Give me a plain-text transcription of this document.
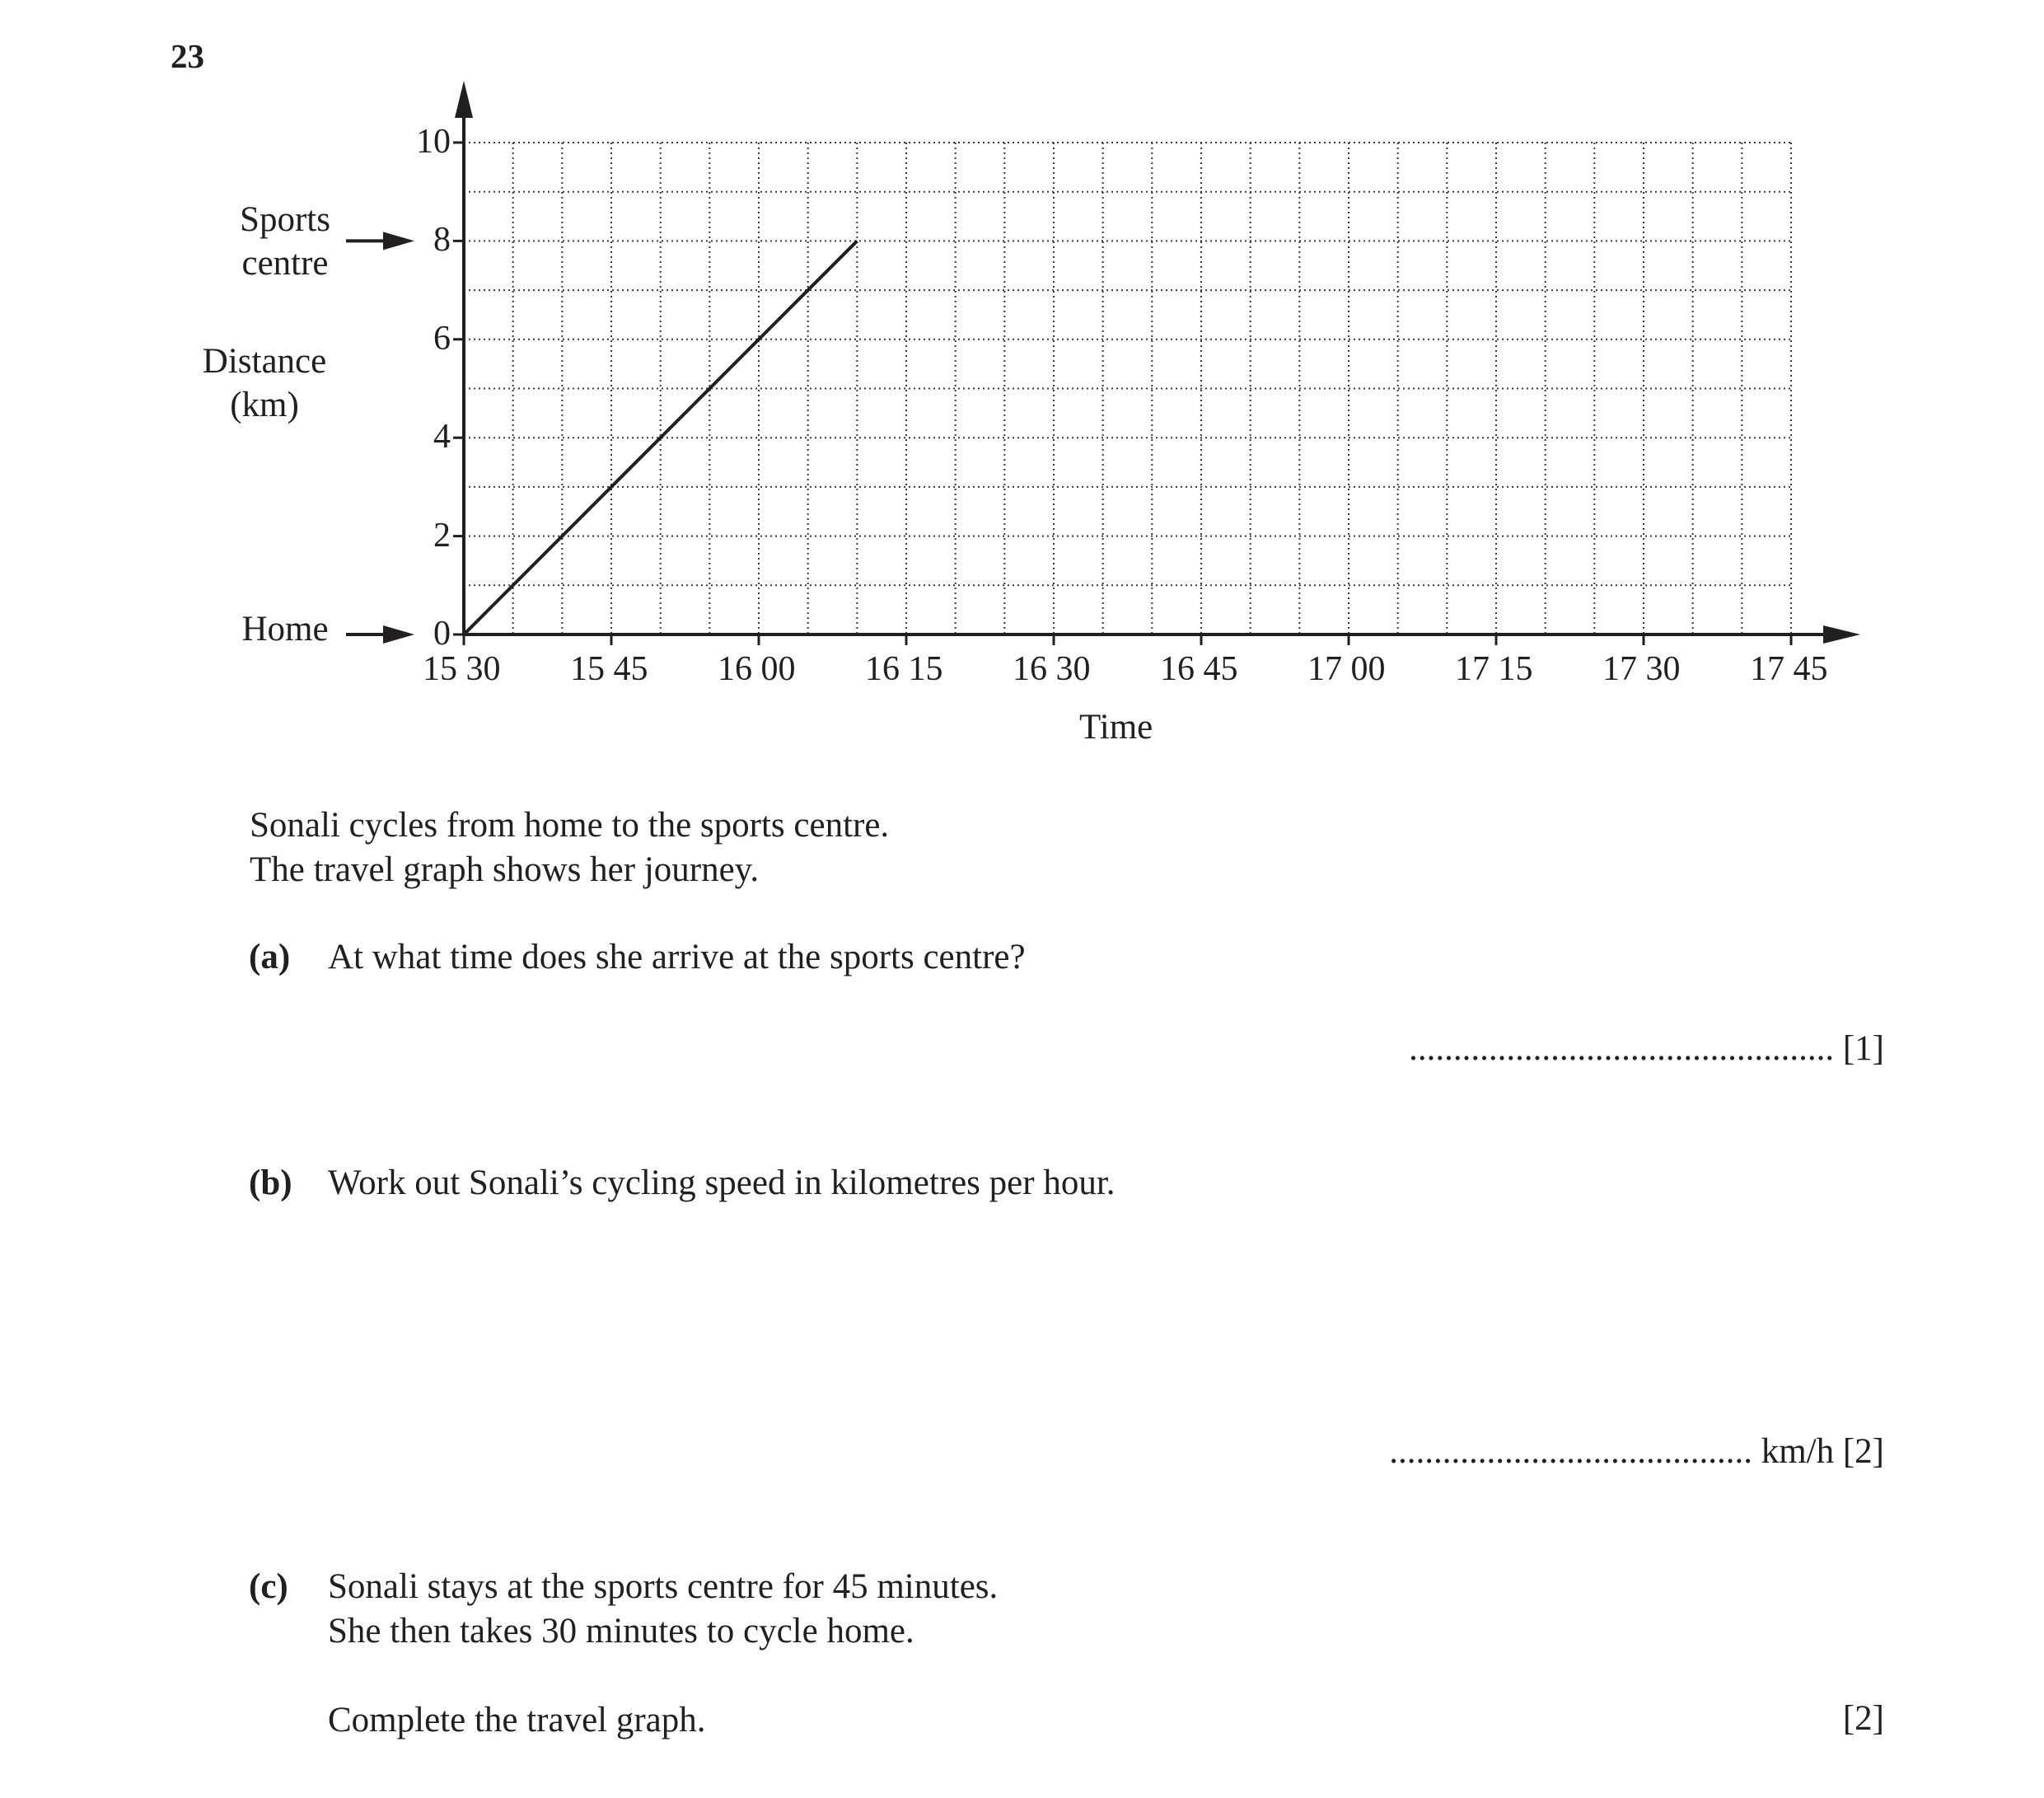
23
0
2
4
6
8
10
15 30 15 45 16 00 16 15 16 30 16 45 17 00 17 15 17 30 17 45
Distance
(km)
Sports
centre
Home
Time
Sonali cycles from home to the sports centre.
The travel graph shows her journey.
(a) At what time does she arrive at the sports centre?
................................................ [1]
(b) Work out Sonali’s cycling speed in kilometres per hour.
......................................... km/h [2]
(c) Sonali stays at the sports centre for 45 minutes.
She then takes 30 minutes to cycle home.
Complete the travel graph.	[2]
